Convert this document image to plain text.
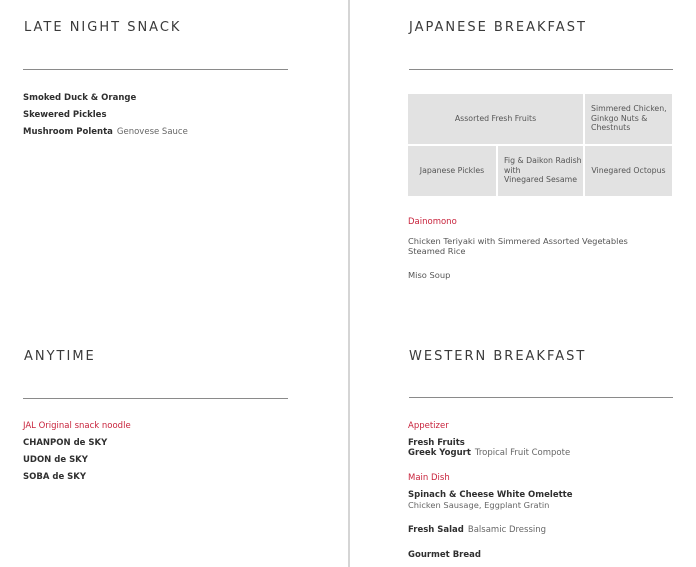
LATE NIGHT SNACK
Smoked Duck & Orange
Skewered Pickles
Mushroom Polenta Genovese Sauce
ANYTIME
JAL Original snack noodle
CHANPON de SKY
UDON de SKY
SOBA de SKY
JAPANESE BREAKFAST
Assorted Fresh Fruits
Simmered Chicken,
Ginkgo Nuts &
Chestnuts
Japanese Pickles
Fig & Daikon Radish
with
Vinegared Sesame
Vinegared Octopus
Dainomono
Chicken Teriyaki with Simmered Assorted Vegetables
Steamed Rice
Miso Soup
WESTERN BREAKFAST
Appetizer
Fresh Fruits
Greek Yogurt Tropical Fruit Compote
Main Dish
Spinach & Cheese White Omelette
Chicken Sausage, Eggplant Gratin
Fresh Salad Balsamic Dressing
Gourmet Bread
